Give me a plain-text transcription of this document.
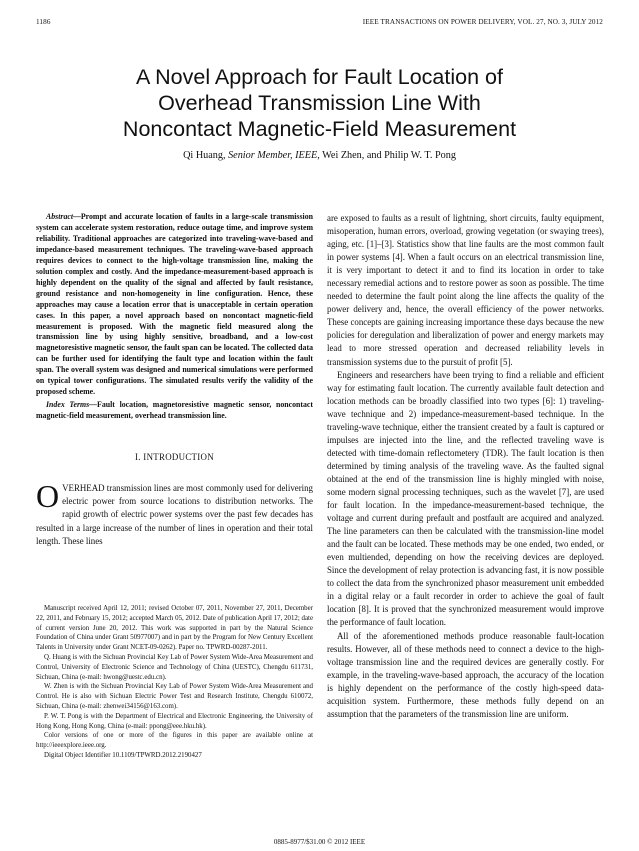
1186	IEEE TRANSACTIONS ON POWER DELIVERY, VOL. 27, NO. 3, JULY 2012
A Novel Approach for Fault Location of
Overhead Transmission Line With
Noncontact Magnetic-Field Measurement
Qi Huang, Senior Member, IEEE, Wei Zhen, and Philip W. T. Pong

Abstract—Prompt and accurate location of faults in a large-scale transmission system can accelerate system restoration, reduce outage time, and improve system reliability. Traditional approaches are categorized into traveling-wave-based and impedance-based measurement techniques. The traveling-wave-based approach requires devices to connect to the high-voltage transmission line, making the solution complex and costly. And the impedance-measurement-based approach is highly dependent on the quality of the signal and affected by fault resistance, ground resistance and non-homogeneity in line configuration. Hence, these approaches may cause a location error that is unacceptable in certain operation cases. In this paper, a novel approach based on noncontact magnetic-field measurement is proposed. With the magnetic field measured along the transmission line by using highly sensitive, broadband, and a low-cost magnetoresistive magnetic sensor, the fault span can be located. The collected data can be further used for identifying the fault type and location within the fault span. The overall system was designed and numerical simulations were performed on typical tower configurations. The simulated results verify the validity of the proposed scheme.

Index Terms—Fault location, magnetoresistive magnetic sensor, noncontact magnetic-field measurement, overhead transmission line.

I. INTRODUCTION
OVERHEAD transmission lines are most commonly used for delivering electric power from source locations to distribution networks. The rapid growth of electric power systems over the past few decades has resulted in a large increase of the number of lines in operation and their total length. These lines

Manuscript received April 12, 2011; revised October 07, 2011, November 27, 2011, December 22, 2011, and February 15, 2012; accepted March 05, 2012. Date of publication April 17, 2012; date of current version June 20, 2012. This work was supported in part by the Natural Science Foundation of China under Grant 50977007) and in part by the Program for New Century Excellent Talents in University under Grant NCET-09-0262). Paper no. TPWRD-00287-2011.

Q. Huang is with the Sichuan Provincial Key Lab of Power System Wide-Area Measurement and Control, University of Electronic Science and Technology of China (UESTC), Chengdu 611731, Sichuan, China (e-mail: hwong@uestc.edu.cn).

W. Zhen is with the Sichuan Provincial Key Lab of Power System Wide-Area Measurement and Control. He is also with Sichuan Electric Power Test and Research Institute, Chengdu 610072, Sichuan, China (e-mail: zhenwei34156@163.com).

P. W. T. Pong is with the Department of Electrical and Electronic Engineering, the University of Hong Kong, Hong Kong, China (e-mail: ppong@eee.hku.hk).

Color versions of one or more of the figures in this paper are available online at http://ieeexplore.ieee.org.

Digital Object Identifier 10.1109/TPWRD.2012.2190427

are exposed to faults as a result of lightning, short circuits, faulty equipment, misoperation, human errors, overload, growing vegetation (or swaying trees), aging, etc. [1]–[3]. Statistics show that line faults are the most common fault in power systems [4]. When a fault occurs on an electrical transmission line, it is very important to detect it and to find its location in order to take necessary remedial actions and to restore power as soon as possible. The time needed to determine the fault point along the line affects the quality of the power delivery and, hence, the overall efficiency of the power networks. These concepts are gaining increasing importance these days because the new policies for deregulation and liberalization of power and energy markets may lead to more stressed operation and decreased reliability levels in transmission systems due to the pursuit of profit [5].

Engineers and researchers have been trying to find a reliable and efficient way for estimating fault location. The currently available fault detection and location methods can be broadly classified into two types [6]: 1) traveling-wave technique and 2) impedance-measurement-based technique. In the traveling-wave technique, either the transient created by a fault is captured or impulses are injected into the line, and the reflected traveling wave is detected with time-domain reflectometery (TDR). The fault location is then determined by timing analysis of the traveling wave. As the faulted signal obtained at the end of the transmission line is highly mingled with noise, some modern signal processing techniques, such as the wavelet [7], are used for fault location. In the impedance-measurement-based technique, the voltage and current during prefault and postfault are acquired and analyzed. The line parameters can then be calculated with the transmission-line model and the fault can be located. These methods may be one ended, two ended, or even multiended, depending on how the receiving devices are deployed. Since the development of relay protection is advancing fast, it is now possible to collect the data from the synchronized phasor measurement unit embedded in a digital relay or a fault recorder in order to achieve the goal of fault location [8]. It is proved that the synchronized measurement would improve the performance of fault location.

All of the aforementioned methods produce reasonable fault-location results. However, all of these methods need to connect a device to the high-voltage transmission line and the required devices are generally costly. For example, in the traveling-wave-based approach, the accuracy of the location is highly dependent on the performance of the costly high-speed data-acquisition system. Furthermore, these methods fully depend on an assumption that the parameters of the transmission line are uniform.

0885-8977/$31.00 © 2012 IEEE
